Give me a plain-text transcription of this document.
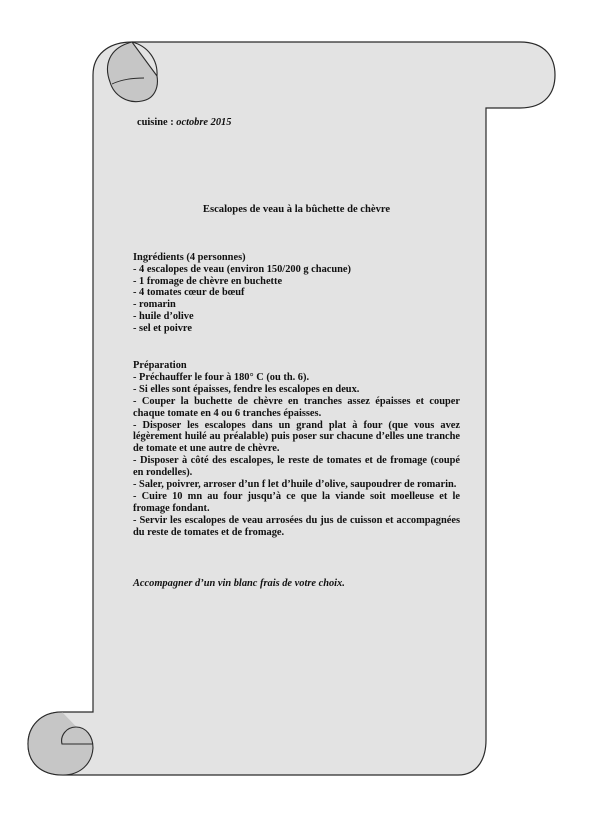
cuisine : octobre 2015
Escalopes de veau à la bûchette de chèvre
Ingrédients (4 personnes)
- 4 escalopes de veau (environ 150/200 g chacune)
- 1 fromage de chèvre en buchette
- 4 tomates cœur de bœuf
- romarin
- huile d’olive
- sel et poivre
Préparation
- Préchauffer le four à 180° C (ou th. 6).
- Si elles sont épaisses, fendre les escalopes en deux.
- Couper la buchette de chèvre en tranches assez épaisses et couper chaque tomate en 4 ou 6 tranches épaisses.
- Disposer les escalopes dans un grand plat à four (que vous avez légèrement huilé au préalable) puis poser sur chacune d’elles une tranche de tomate et une autre de chèvre.
- Disposer à côté des escalopes, le reste de tomates et de fromage (coupé en rondelles).
- Saler, poivrer, arroser d’un f let d’huile d’olive, saupoudrer de romarin.
- Cuire 10 mn au four jusqu’à ce que la viande soit moelleuse et le fromage fondant.
- Servir les escalopes de veau arrosées du jus de cuisson et accompagnées du reste de tomates et de fromage.
Accompagner d’un vin blanc frais de votre choix.
